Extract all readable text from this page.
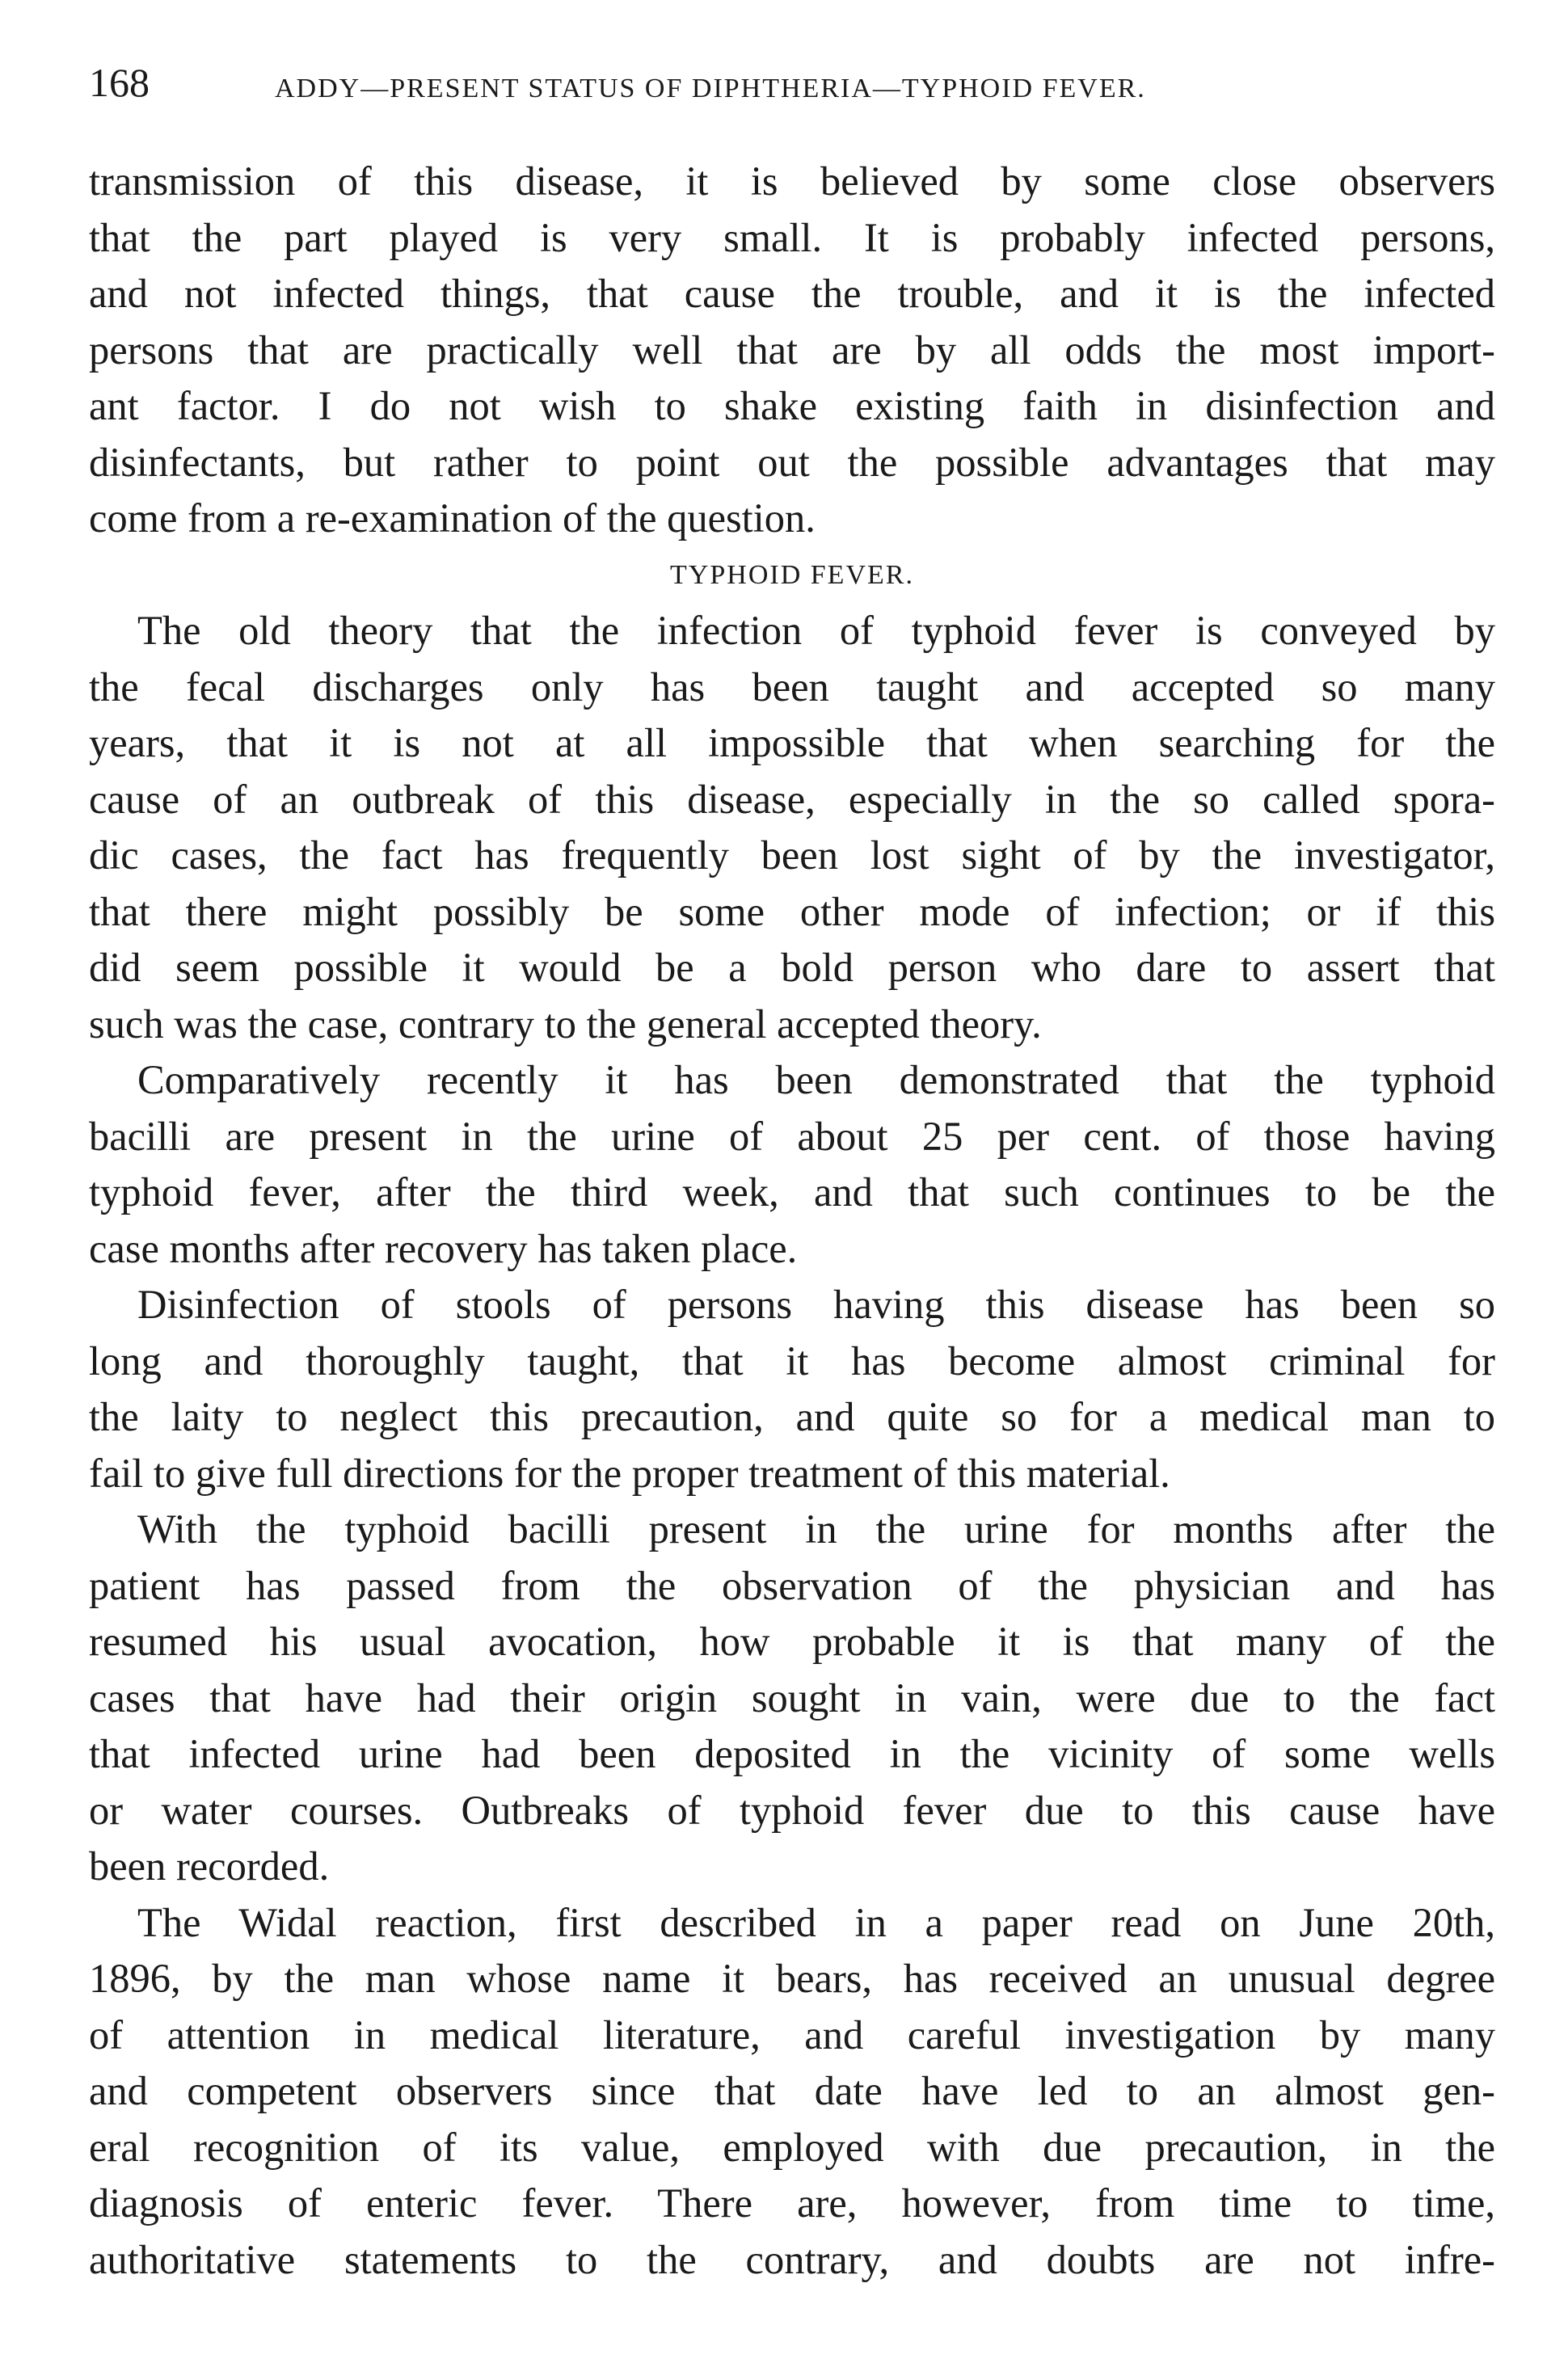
168	ADDY—PRESENT STATUS OF DIPHTHERIA—TYPHOID FEVER.
transmission of this disease, it is believed by some close observers
that the part played is very small. It is probably infected persons,
and not infected things, that cause the trouble, and it is the infected
persons that are practically well that are by all odds the most import-
ant factor. I do not wish to shake existing faith in disinfection and
disinfectants, but rather to point out the possible advantages that may
come from a re-examination of the question.
TYPHOID FEVER.
The old theory that the infection of typhoid fever is conveyed by
the fecal discharges only has been taught and accepted so many
years, that it is not at all impossible that when searching for the
cause of an outbreak of this disease, especially in the so called spora-
dic cases, the fact has frequently been lost sight of by the investigator,
that there might possibly be some other mode of infection; or if this
did seem possible it would be a bold person who dare to assert that
such was the case, contrary to the general accepted theory.
Comparatively recently it has been demonstrated that the typhoid
bacilli are present in the urine of about 25 per cent. of those having
typhoid fever, after the third week, and that such continues to be the
case months after recovery has taken place.
Disinfection of stools of persons having this disease has been so
long and thoroughly taught, that it has become almost criminal for
the laity to neglect this precaution, and quite so for a medical man to
fail to give full directions for the proper treatment of this material.
With the typhoid bacilli present in the urine for months after the
patient has passed from the observation of the physician and has
resumed his usual avocation, how probable it is that many of the
cases that have had their origin sought in vain, were due to the fact
that infected urine had been deposited in the vicinity of some wells
or water courses. Outbreaks of typhoid fever due to this cause have
been recorded.
The Widal reaction, first described in a paper read on June 20th,
1896, by the man whose name it bears, has received an unusual degree
of attention in medical literature, and careful investigation by many
and competent observers since that date have led to an almost gen-
eral recognition of its value, employed with due precaution, in the
diagnosis of enteric fever. There are, however, from time to time,
authoritative statements to the contrary, and doubts are not infre-
